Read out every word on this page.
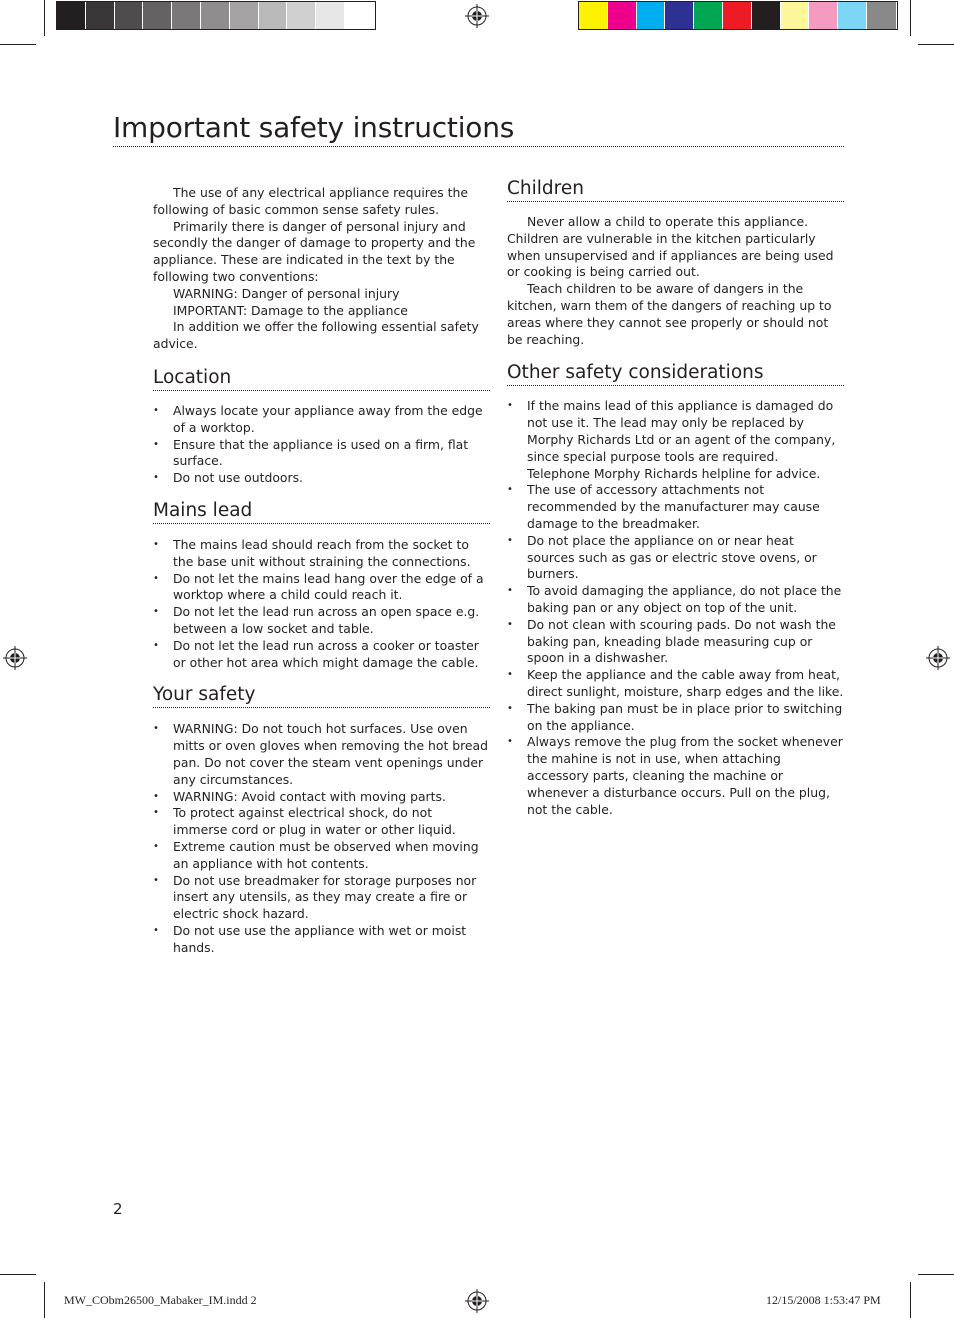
Important safety instructions

The use of any electrical appliance requires the following of basic common sense safety rules.

Primarily there is danger of personal injury and secondly the danger of damage to property and the appliance. These are indicated in the text by the following two conventions:

WARNING: Danger of personal injury

IMPORTANT: Damage to the appliance

In addition we offer the following essential safety advice.

Location
• Always locate your appliance away from the edge of a worktop.
• Ensure that the appliance is used on a firm, flat surface.
• Do not use outdoors.
Mains lead
• The mains lead should reach from the socket to the base unit without straining the connections.
• Do not let the mains lead hang over the edge of a worktop where a child could reach it.
• Do not let the lead run across an open space e.g. between a low socket and table.
• Do not let the lead run across a cooker or toaster or other hot area which might damage the cable.
Your safety
• WARNING: Do not touch hot surfaces. Use oven mitts or oven gloves when removing the hot bread pan. Do not cover the steam vent openings under any circumstances.
• WARNING: Avoid contact with moving parts.
• To protect against electrical shock, do not immerse cord or plug in water or other liquid.
• Extreme caution must be observed when moving an appliance with hot contents.
• Do not use breadmaker for storage purposes nor insert any utensils, as they may create a fire or electric shock hazard.
• Do not use use the appliance with wet or moist hands.
Children

Never allow a child to operate this appliance. Children are vulnerable in the kitchen particularly when unsupervised and if appliances are being used or cooking is being carried out.

Teach children to be aware of dangers in the kitchen, warn them of the dangers of reaching up to areas where they cannot see properly or should not be reaching.

Other safety considerations
• If the mains lead of this appliance is damaged do not use it. The lead may only be replaced by Morphy Richards Ltd or an agent of the company, since special purpose tools are required. Telephone Morphy Richards helpline for advice.
• The use of accessory attachments not recommended by the manufacturer may cause damage to the breadmaker.
• Do not place the appliance on or near heat sources such as gas or electric stove ovens, or burners.
• To avoid damaging the appliance, do not place the baking pan or any object on top of the unit.
• Do not clean with scouring pads. Do not wash the baking pan, kneading blade measuring cup or spoon in a dishwasher.
• Keep the appliance and the cable away from heat, direct sunlight, moisture, sharp edges and the like.
• The baking pan must be in place prior to switching on the appliance.
• Always remove the plug from the socket whenever the mahine is not in use, when attaching accessory parts, cleaning the machine or whenever a disturbance occurs. Pull on the plug, not the cable.
2
MW_CObm26500_Mabaker_IM.indd 2	12/15/2008 1:53:47 PM
